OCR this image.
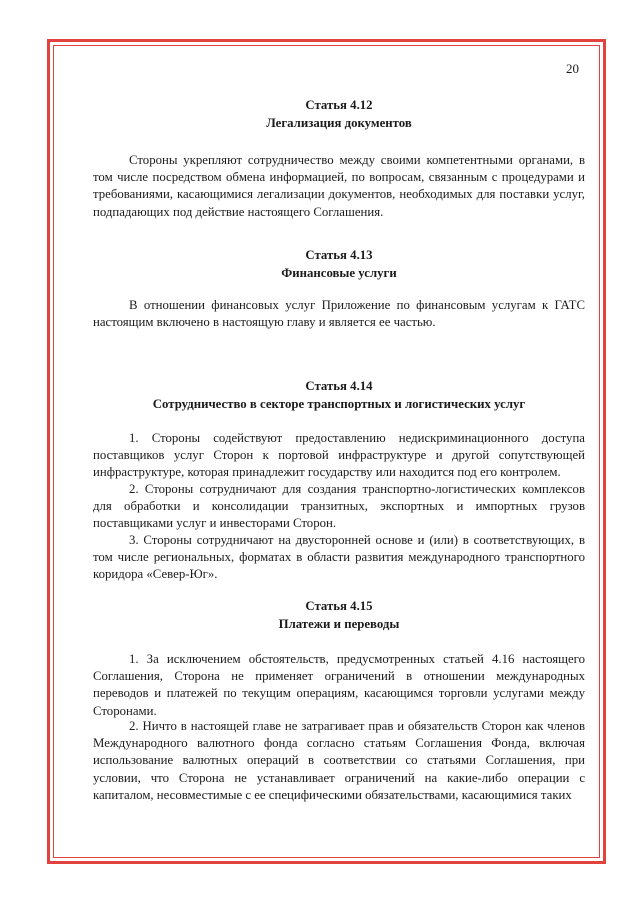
20
Статья 4.12
Легализация документов
Стороны укрепляют сотрудничество между своими компетентными органами, в том числе посредством обмена информацией, по вопросам, связанным с процедурами и требованиями, касающимися легализации документов, необходимых для поставки услуг, подпадающих под действие настоящего Соглашения.
Статья 4.13
Финансовые услуги
В отношении финансовых услуг Приложение по финансовым услугам к ГАТС настоящим включено в настоящую главу и является ее частью.
Статья 4.14
Сотрудничество в секторе транспортных и логистических услуг
1. Стороны содействуют предоставлению недискриминационного доступа поставщиков услуг Сторон к портовой инфраструктуре и другой сопутствующей инфраструктуре, которая принадлежит государству или находится под его контролем.
2. Стороны сотрудничают для создания транспортно-логистических комплексов для обработки и консолидации транзитных, экспортных и импортных грузов поставщиками услуг и инвесторами Сторон.
3. Стороны сотрудничают на двусторонней основе и (или) в соответствующих, в том числе региональных, форматах в области развития международного транспортного коридора «Север-Юг».
Статья 4.15
Платежи и переводы
1. За исключением обстоятельств, предусмотренных статьей 4.16 настоящего Соглашения, Сторона не применяет ограничений в отношении международных переводов и платежей по текущим операциям, касающимся торговли услугами между Сторонами.
2. Ничто в настоящей главе не затрагивает прав и обязательств Сторон как членов Международного валютного фонда согласно статьям Соглашения Фонда, включая использование валютных операций в соответствии со статьями Соглашения, при условии, что Сторона не устанавливает ограничений на какие-либо операции с капиталом, несовместимые с ее специфическими обязательствами, касающимися таких
